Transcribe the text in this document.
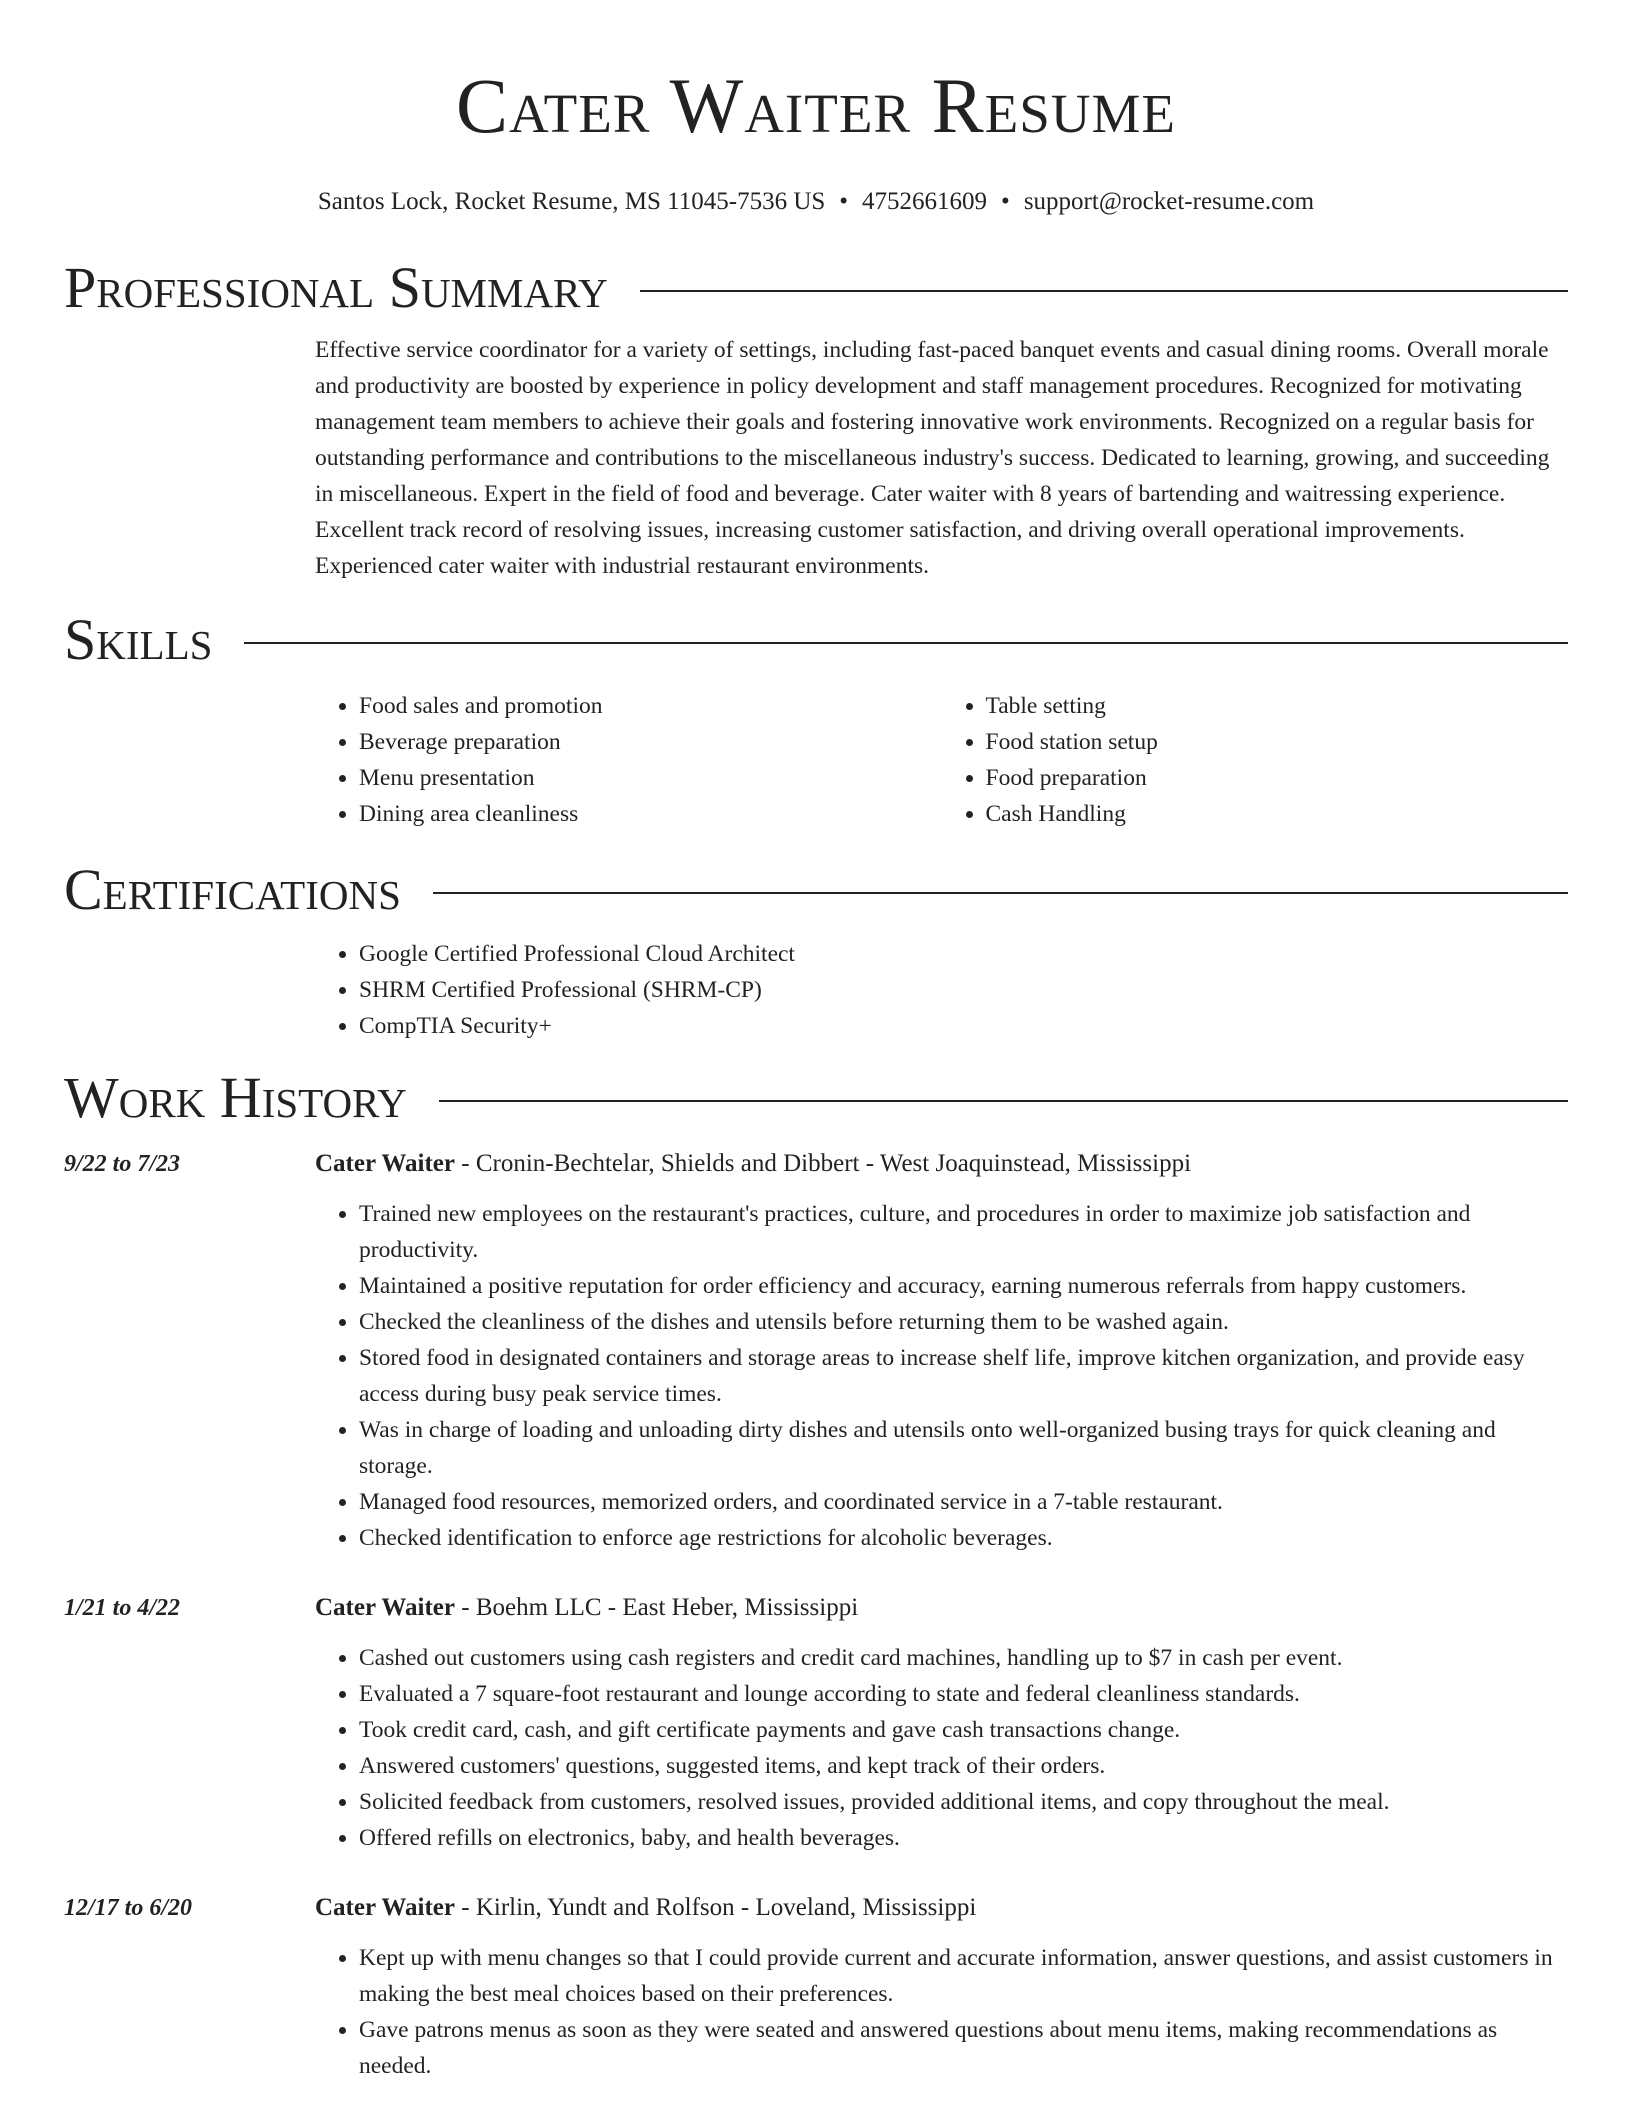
Cater Waiter Resume
Santos Lock, Rocket Resume, MS 11045-7536 US • 4752661609 • support@rocket-resume.com
Professional Summary

Effective service coordinator for a variety of settings, including fast-paced banquet events and casual dining rooms. Overall morale and productivity are boosted by experience in policy development and staff management procedures. Recognized for motivating management team members to achieve their goals and fostering innovative work environments. Recognized on a regular basis for outstanding performance and contributions to the miscellaneous industry's success. Dedicated to learning, growing, and succeeding in miscellaneous. Expert in the field of food and beverage. Cater waiter with 8 years of bartending and waitressing experience. Excellent track record of resolving issues, increasing customer satisfaction, and driving overall operational improvements. Experienced cater waiter with industrial restaurant environments.

Skills
• Food sales and promotion
• Beverage preparation
• Menu presentation
• Dining area cleanliness
• Table setting
• Food station setup
• Food preparation
• Cash Handling
Certifications
• Google Certified Professional Cloud Architect
• SHRM Certified Professional (SHRM-CP)
• CompTIA Security+
Work History
9/22 to 7/23	Cater Waiter - Cronin-Bechtelar, Shields and Dibbert - West Joaquinstead, Mississippi
• Trained new employees on the restaurant's practices, culture, and procedures in order to maximize job satisfaction and productivity.
• Maintained a positive reputation for order efficiency and accuracy, earning numerous referrals from happy customers.
• Checked the cleanliness of the dishes and utensils before returning them to be washed again.
• Stored food in designated containers and storage areas to increase shelf life, improve kitchen organization, and provide easy access during busy peak service times.
• Was in charge of loading and unloading dirty dishes and utensils onto well-organized busing trays for quick cleaning and storage.
• Managed food resources, memorized orders, and coordinated service in a 7-table restaurant.
• Checked identification to enforce age restrictions for alcoholic beverages.
1/21 to 4/22	Cater Waiter - Boehm LLC - East Heber, Mississippi
• Cashed out customers using cash registers and credit card machines, handling up to $7 in cash per event.
• Evaluated a 7 square-foot restaurant and lounge according to state and federal cleanliness standards.
• Took credit card, cash, and gift certificate payments and gave cash transactions change.
• Answered customers' questions, suggested items, and kept track of their orders.
• Solicited feedback from customers, resolved issues, provided additional items, and copy throughout the meal.
• Offered refills on electronics, baby, and health beverages.
12/17 to 6/20	Cater Waiter - Kirlin, Yundt and Rolfson - Loveland, Mississippi
• Kept up with menu changes so that I could provide current and accurate information, answer questions, and assist customers in making the best meal choices based on their preferences.
• Gave patrons menus as soon as they were seated and answered questions about menu items, making recommendations as needed.
